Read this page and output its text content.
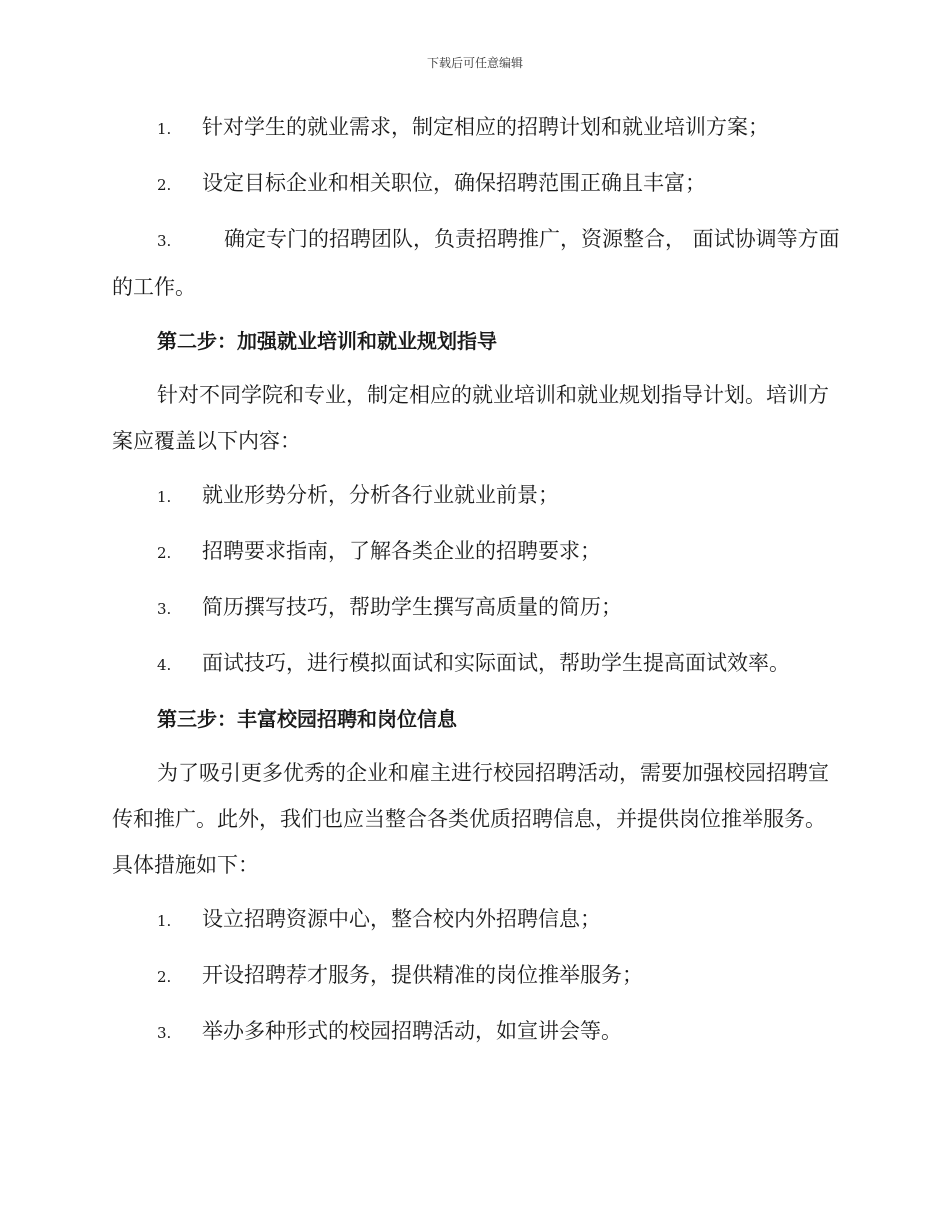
下载后可任意编辑
1.	针对学生的就业需求，制定相应的招聘计划和就业培训方案；
2.	设定目标企业和相关职位，确保招聘范围正确且丰富；
3.	确定专门的招聘团队，负责招聘推广，资源整合， 面试协调等方面的工作。
第二步：加强就业培训和就业规划指导
针对不同学院和专业，制定相应的就业培训和就业规划指导计划。培训方案应覆盖以下内容：
1.	就业形势分析，分析各行业就业前景；
2.	招聘要求指南，了解各类企业的招聘要求；
3.	简历撰写技巧，帮助学生撰写高质量的简历；
4.	面试技巧，进行模拟面试和实际面试，帮助学生提高面试效率。
第三步：丰富校园招聘和岗位信息
为了吸引更多优秀的企业和雇主进行校园招聘活动，需要加强校园招聘宣传和推广。此外，我们也应当整合各类优质招聘信息，并提供岗位推举服务。具体措施如下：
1.	设立招聘资源中心，整合校内外招聘信息；
2.	开设招聘荐才服务，提供精准的岗位推举服务；
3.	举办多种形式的校园招聘活动，如宣讲会等。
